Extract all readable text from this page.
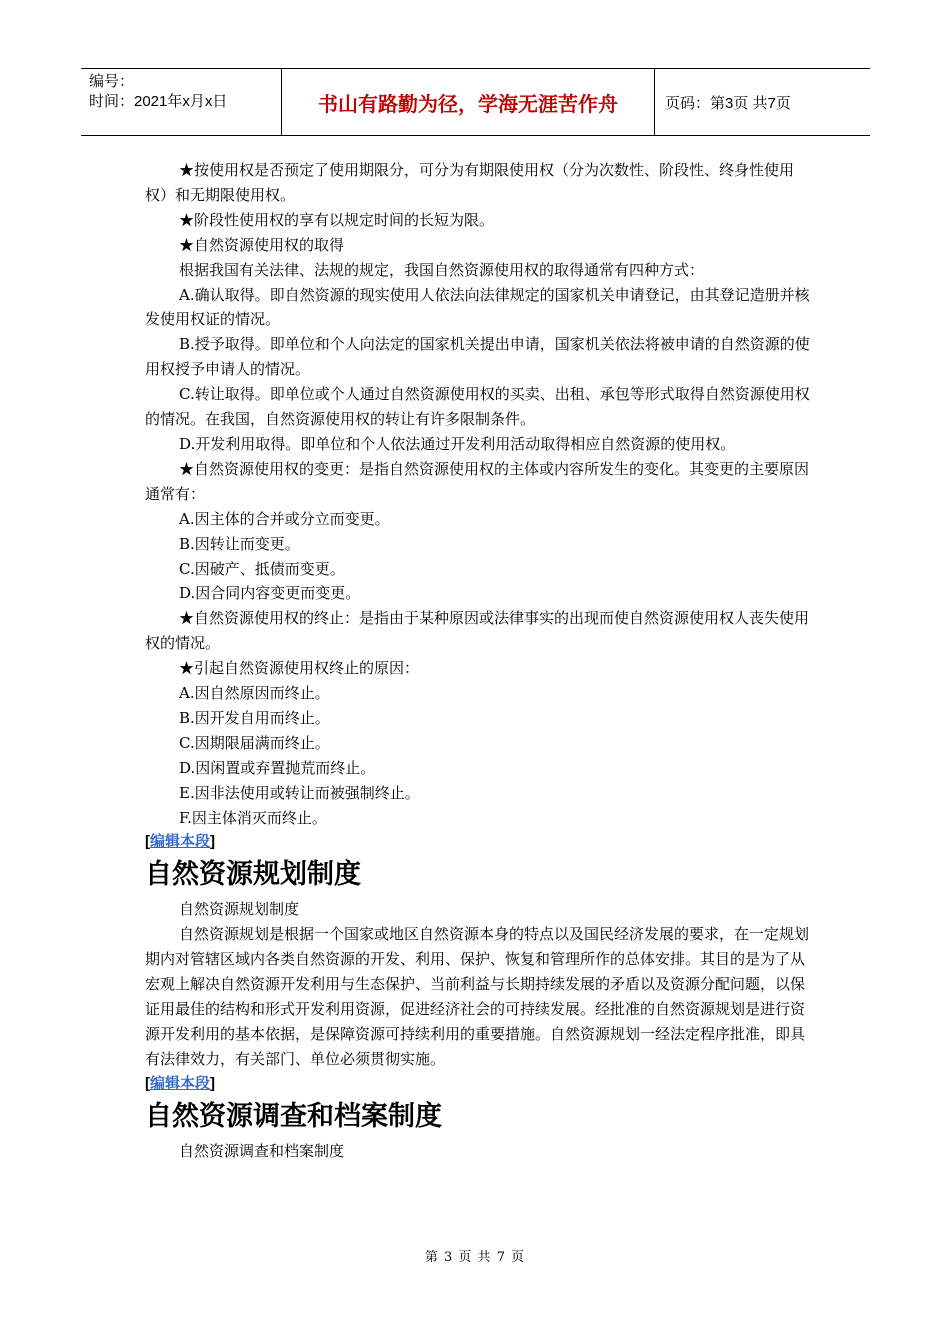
编号：
时间：2021年x月x日	书山有路勤为径，学海无涯苦作舟	页码：第3页 共7页

★按使用权是否预定了使用期限分，可分为有期限使用权（分为次数性、阶段性、终身性使用权）和无期限使用权。

★阶段性使用权的享有以规定时间的长短为限。

★自然资源使用权的取得

根据我国有关法律、法规的规定，我国自然资源使用权的取得通常有四种方式：

A.确认取得。即自然资源的现实使用人依法向法律规定的国家机关申请登记，由其登记造册并核发使用权证的情况。

B.授予取得。即单位和个人向法定的国家机关提出申请，国家机关依法将被申请的自然资源的使用权授予申请人的情况。

C.转让取得。即单位或个人通过自然资源使用权的买卖、出租、承包等形式取得自然资源使用权的情况。在我国，自然资源使用权的转让有许多限制条件。

D.开发利用取得。即单位和个人依法通过开发利用活动取得相应自然资源的使用权。

★自然资源使用权的变更：是指自然资源使用权的主体或内容所发生的变化。其变更的主要原因通常有：

A.因主体的合并或分立而变更。

B.因转让而变更。

C.因破产、抵债而变更。

D.因合同内容变更而变更。

★自然资源使用权的终止：是指由于某种原因或法律事实的出现而使自然资源使用权人丧失使用权的情况。

★引起自然资源使用权终止的原因：

A.因自然原因而终止。

B.因开发自用而终止。

C.因期限届满而终止。

D.因闲置或弃置抛荒而终止。

E.因非法使用或转让而被强制终止。

F.因主体消灭而终止。

[编辑本段]
自然资源规划制度

自然资源规划制度

自然资源规划是根据一个国家或地区自然资源本身的特点以及国民经济发展的要求，在一定规划期内对管辖区域内各类自然资源的开发、利用、保护、恢复和管理所作的总体安排。其目的是为了从宏观上解决自然资源开发利用与生态保护、当前利益与长期持续发展的矛盾以及资源分配问题，以保证用最佳的结构和形式开发利用资源，促进经济社会的可持续发展。经批准的自然资源规划是进行资源开发利用的基本依据，是保障资源可持续利用的重要措施。自然资源规划一经法定程序批准，即具有法律效力，有关部门、单位必须贯彻实施。

[编辑本段]
自然资源调查和档案制度

自然资源调查和档案制度

第 3 页 共 7 页
